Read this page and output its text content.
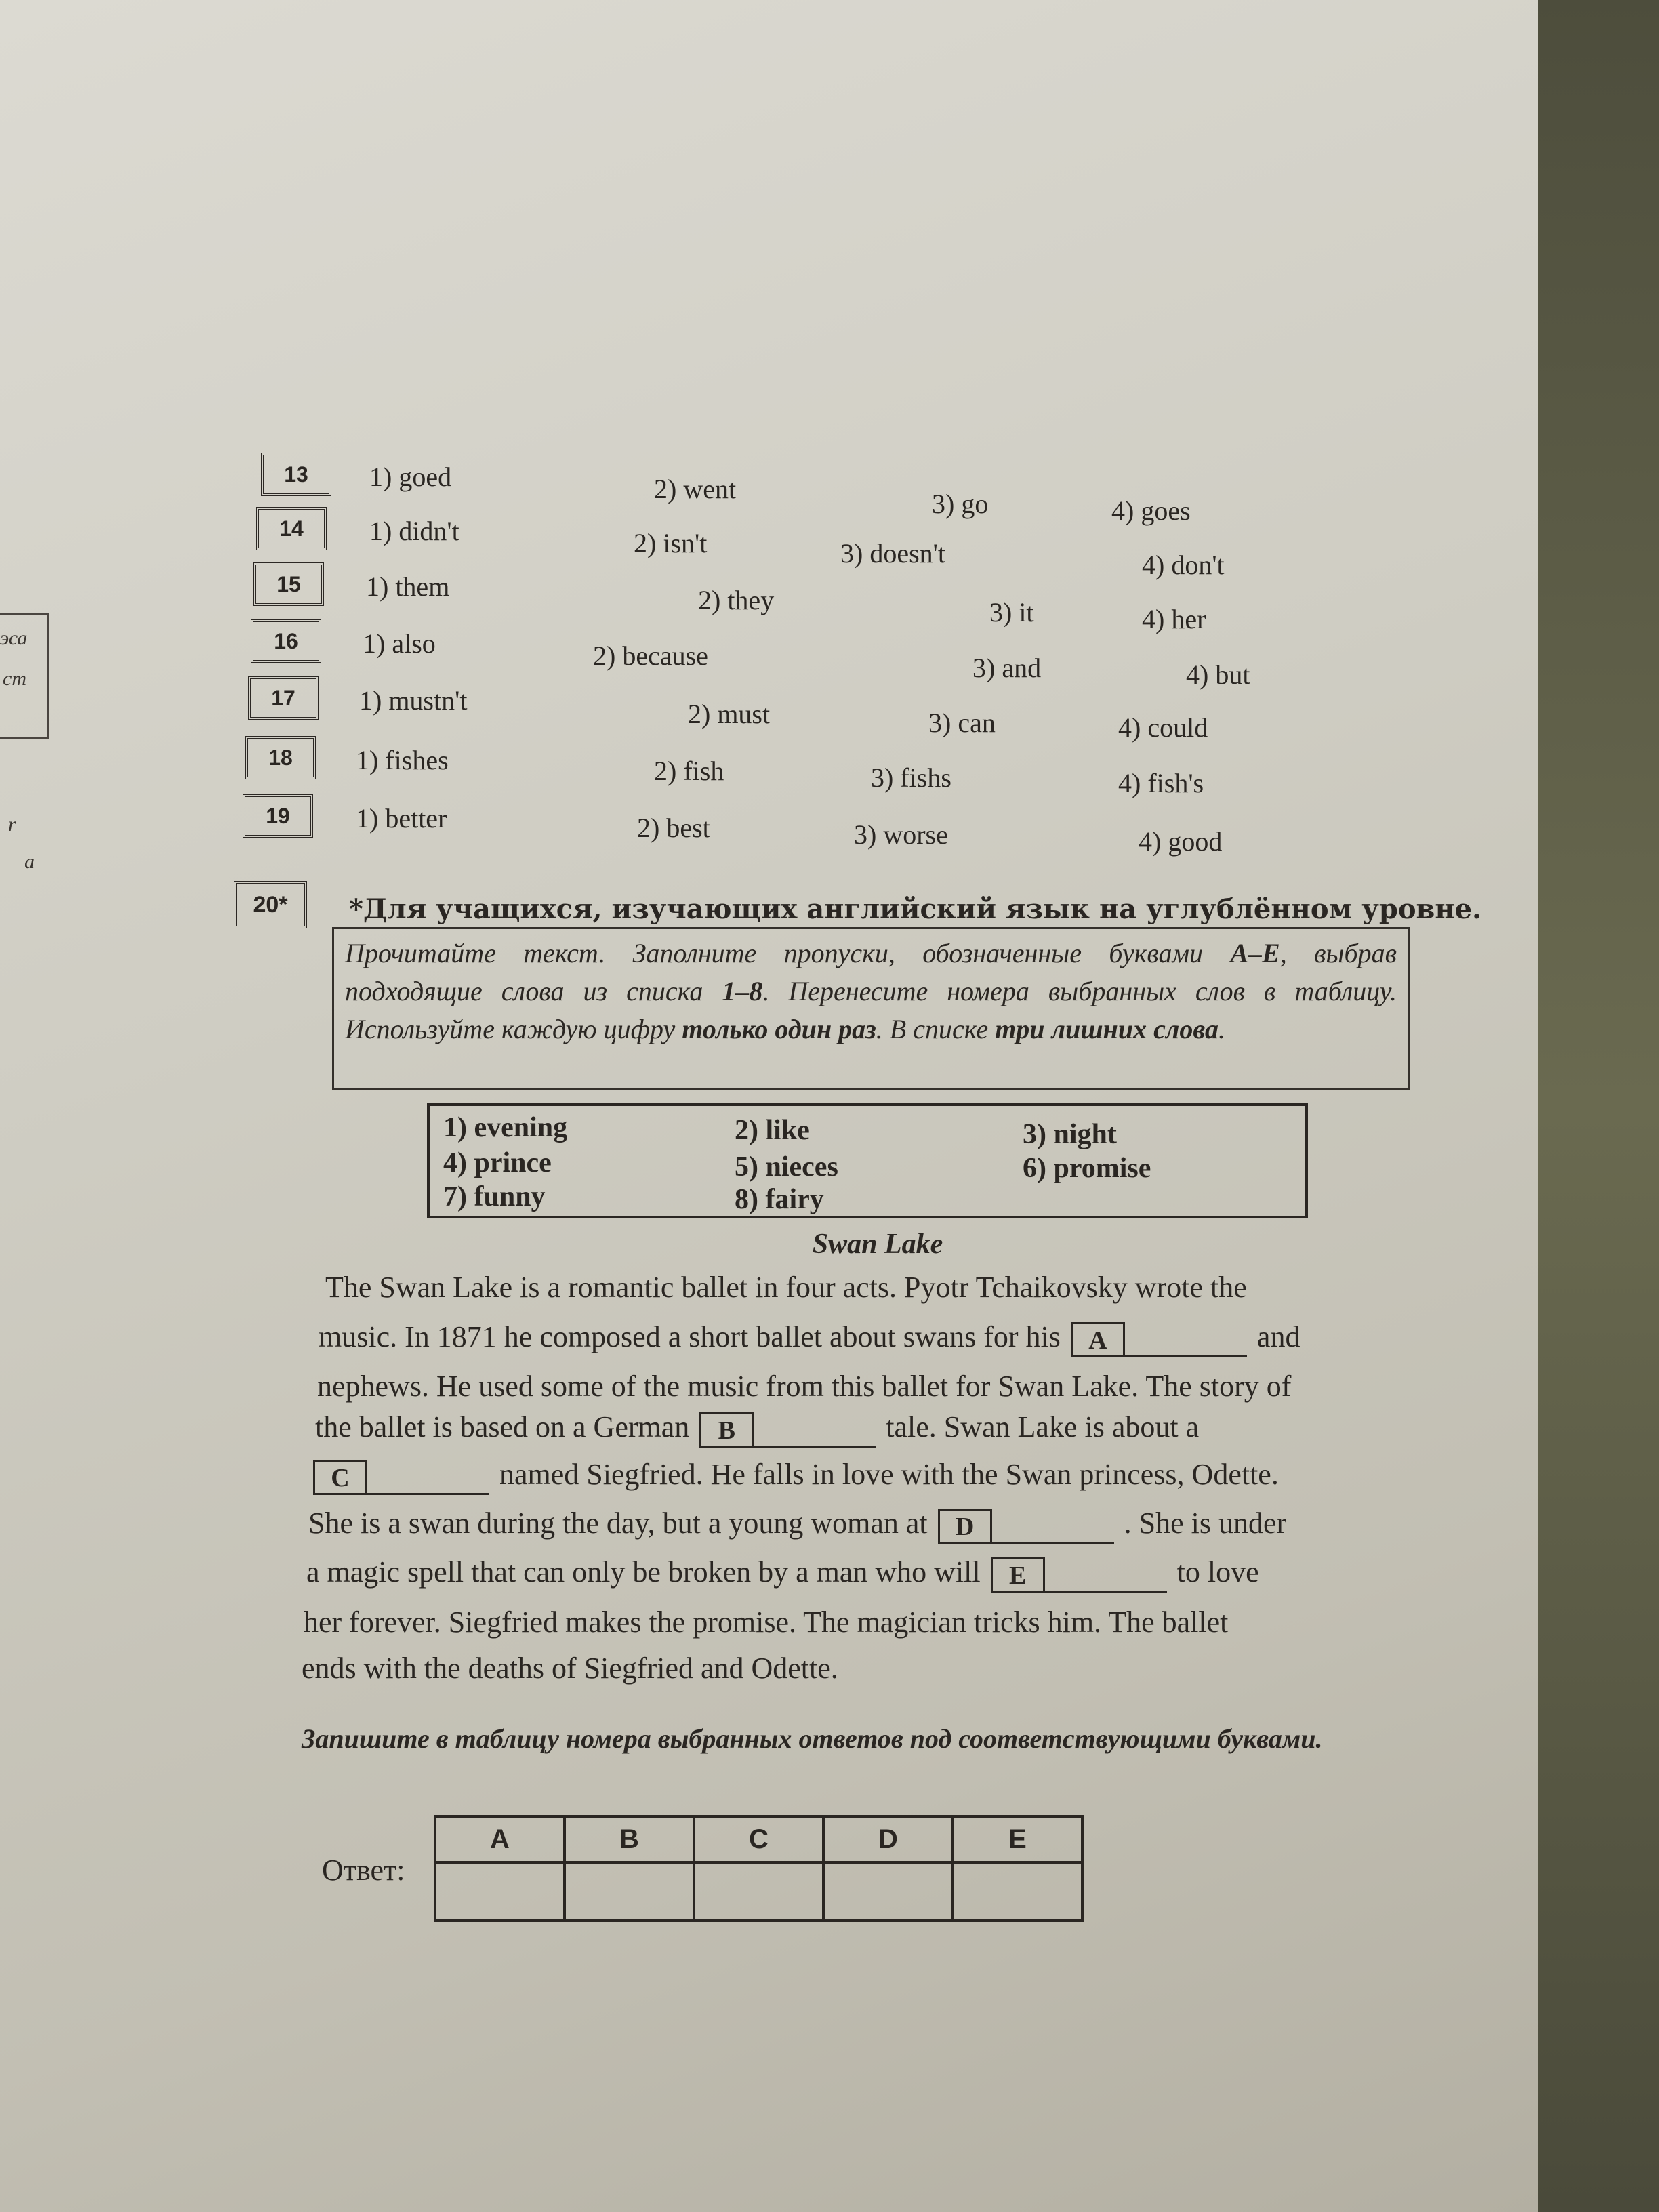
эса
ст
r
а
13	1) goed	2) went	3) go	4) goes
14	1) didn't	2) isn't	3) doesn't	4) don't
15	1) them	2) they	3) it	4) her
16	1) also	2) because	3) and	4) but
17	1) mustn't	2) must	3) can	4) could
18	1) fishes	2) fish	3) fishs	4) fish's
19	1) better	2) best	3) worse	4) good
20*	*Для учащихся, изучающих английский язык на углублённом уровне.
Прочитайте текст. Заполните пропуски, обозначенные буквами A–E, выбрав подходящие слова из списка 1–8. Перенесите номера выбранных слов в таблицу. Используйте каждую цифру только один раз. В списке три лишних слова.
1) evening	2) like	3) night
4) prince	5) nieces	6) promise
7) funny	8) fairy
Swan Lake
The Swan Lake is a romantic ballet in four acts. Pyotr Tchaikovsky wrote the
music. In 1871 he composed a short ballet about swans for his A	and
nephews. He used some of the music from this ballet for Swan Lake. The story of
the ballet is based on a German B	tale. Swan Lake is about a
C	named Siegfried. He falls in love with the Swan princess, Odette.
She is a swan during the day, but a young woman at D	. She is under
a magic spell that can only be broken by a man who will E	to love
her forever. Siegfried makes the promise. The magician tricks him. The ballet
ends with the deaths of Siegfried and Odette.
Запишите в таблицу номера выбранных ответов под соответствующими буквами.
Ответ:
A	B	C	D	E
